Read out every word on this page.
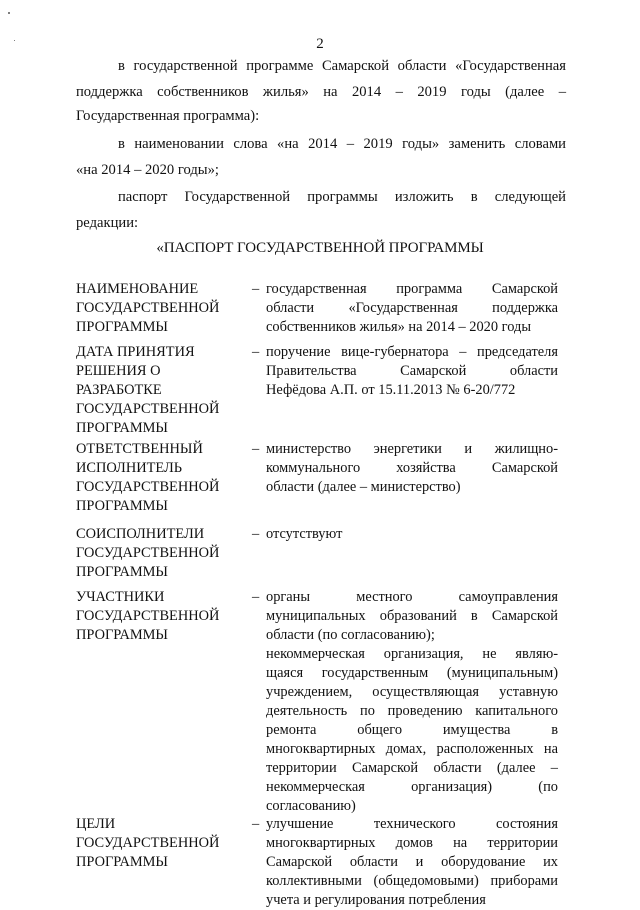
2

в государственной программе Самарской области «Государственная

поддержка собственников жилья» на 2014 – 2019 годы (далее –

Государственная программа):

в наименовании слова «на 2014 – 2019 годы» заменить словами

«на 2014 – 2020 годы»;

паспорт Государственной программы изложить в следующей

редакции:

«ПАСПОРТ ГОСУДАРСТВЕННОЙ ПРОГРАММЫ
НАИМЕНОВАНИЕ
ГОСУДАРСТВЕННОЙ
ПРОГРАММЫ
– государственная программа Самарской
области «Государственная поддержка
собственников жилья» на 2014 – 2020 годы
ДАТА ПРИНЯТИЯ
РЕШЕНИЯ О
РАЗРАБОТКЕ
ГОСУДАРСТВЕННОЙ
ПРОГРАММЫ
– поручение вице-губернатора – председателя
Правительства Самарской области
Нефёдова А.П. от 15.11.2013 № 6-20/772
ОТВЕТСТВЕННЫЙ
ИСПОЛНИТЕЛЬ
ГОСУДАРСТВЕННОЙ
ПРОГРАММЫ
– министерство энергетики и жилищно-
коммунального хозяйства Самарской
области (далее – министерство)
СОИСПОЛНИТЕЛИ
ГОСУДАРСТВЕННОЙ
ПРОГРАММЫ
– отсутствуют
УЧАСТНИКИ
ГОСУДАРСТВЕННОЙ
ПРОГРАММЫ
– органы местного самоуправления
муниципальных образований в Самарской
области (по согласованию);
некоммерческая организация, не являю-
щаяся государственным (муниципальным)
учреждением, осуществляющая уставную
деятельность по проведению капитального
ремонта общего имущества в
многоквартирных домах, расположенных на
территории Самарской области (далее –
некоммерческая организация) (по
согласованию)
ЦЕЛИ
ГОСУДАРСТВЕННОЙ
ПРОГРАММЫ
– улучшение технического состояния
многоквартирных домов на территории
Самарской области и оборудование их
коллективными (общедомовыми) приборами
учета и регулирования потребления
